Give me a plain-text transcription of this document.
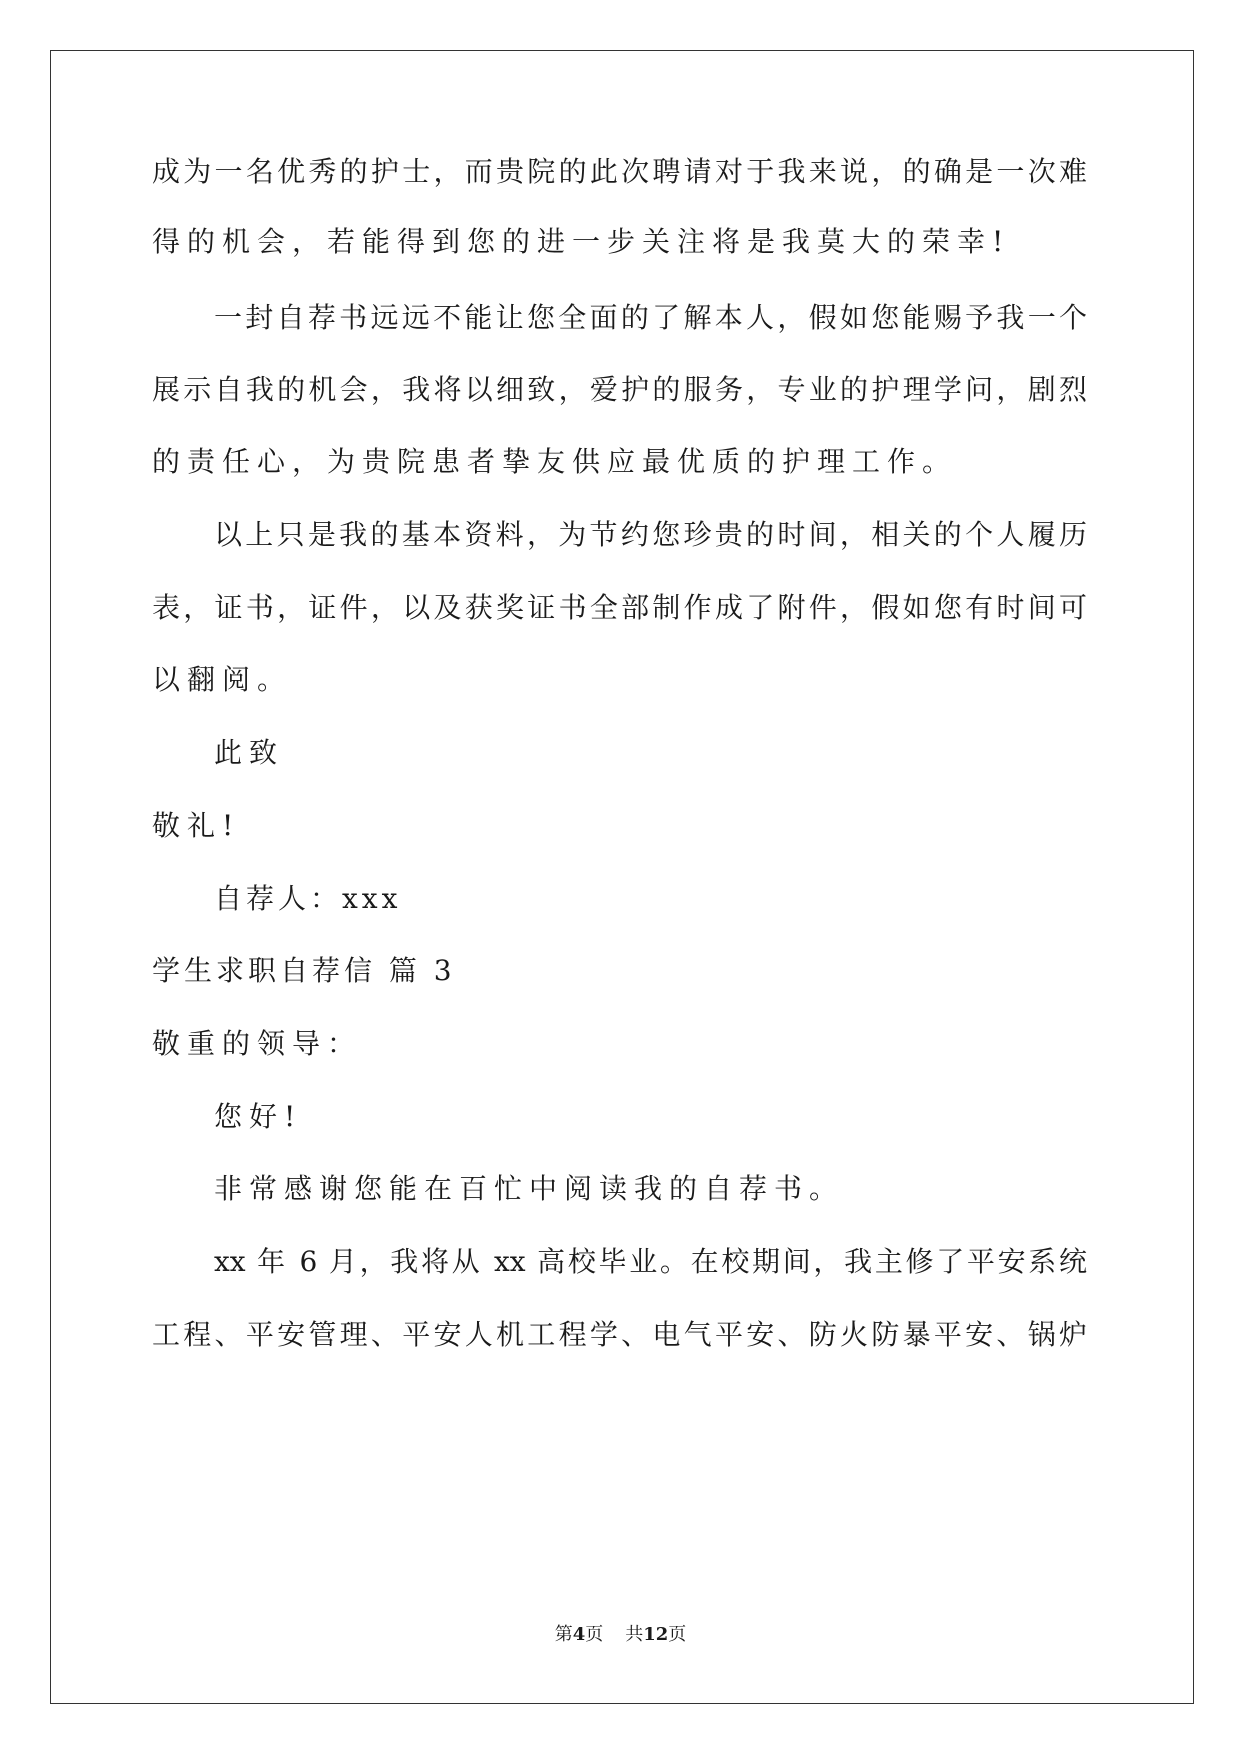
成为一名优秀的护士，而贵院的此次聘请对于我来说，的确是一次难
得的机会，若能得到您的进一步关注将是我莫大的荣幸!
一封自荐书远远不能让您全面的了解本人，假如您能赐予我一个
展示自我的机会，我将以细致，爱护的服务，专业的护理学问，剧烈
的责任心，为贵院患者挚友供应最优质的护理工作。
以上只是我的基本资料，为节约您珍贵的时间，相关的个人履历
表，证书，证件，以及获奖证书全部制作成了附件，假如您有时间可
以翻阅。
此致
敬礼!
自荐人：xxx
学生求职自荐信 篇 3
敬重的领导：
您好!
非常感谢您能在百忙中阅读我的自荐书。
xx 年 6 月，我将从 xx 高校毕业。在校期间，我主修了平安系统
工程、平安管理、平安人机工程学、电气平安、防火防暴平安、锅炉
第4页 共12页
